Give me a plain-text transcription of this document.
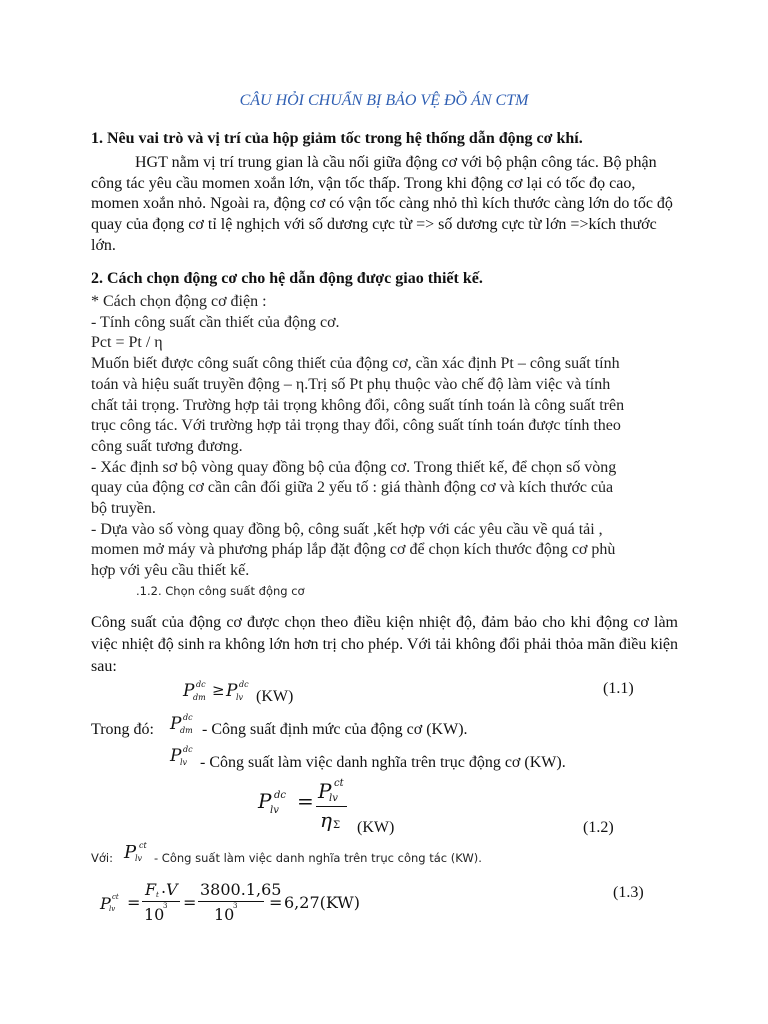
CÂU HỎI CHUẨN BỊ BẢO VỆ ĐỒ ÁN CTM
1. Nêu vai trò và vị trí của hộp giảm tốc trong hệ thống dẫn động cơ khí.

HGT nằm vị trí trung gian là cầu nối giữa động cơ với bộ phận công tác. Bộ phận công tác yêu cầu momen xoắn lớn, vận tốc thấp. Trong khi động cơ lại có tốc đọ cao, momen xoắn nhỏ. Ngoài ra, động cơ có vận tốc càng nhỏ thì kích thước càng lớn do tốc độ quay của đọng cơ tỉ lệ nghịch với số dương cực từ => số dương cực từ lớn =>kích thước lớn.

2. Cách chọn động cơ cho hệ dẫn động được giao thiết kế.
* Cách chọn động cơ điện :
- Tính công suất cần thiết của động cơ.
Pct = Pt / η
Muốn biết được công suất công thiết của động cơ, cần xác định Pt – công suất tính
toán và hiệu suất truyền động – η.Trị số Pt phụ thuộc vào chế độ làm việc và tính
chất tải trọng. Trường hợp tải trọng không đổi, công suất tính toán là công suất trên
trục công tác. Với trường hợp tải trọng thay đổi, công suất tính toán được tính theo
công suất tương đương.
- Xác định sơ bộ vòng quay đồng bộ của động cơ. Trong thiết kế, để chọn số vòng
quay của động cơ cần cân đối giữa 2 yếu tố : giá thành động cơ và kích thước của
bộ truyền.
- Dựa vào số vòng quay đồng bộ, công suất ,kết hợp với các yêu cầu về quá tải ,
momen mở máy và phương pháp lắp đặt động cơ để chọn kích thước động cơ phù
hợp với yêu cầu thiết kế.
.1.2. Chọn công suất động cơ
Công suất của động cơ được chọn theo điều kiện nhiệt độ, đảm bảo cho khi động cơ làm việc nhiệt độ sinh ra không lớn hơn trị cho phép. Với tải không đổi phải thỏa mãn điều kiện sau:
P dc
dm ≥ P dc
lv (KW)	(1.1)
Trong đó: P dc
dm - Công suất định mức của động cơ (KW).
P dc
lv - Công suất làm việc danh nghĩa trên trục động cơ (KW).
P dc
lv = P ct
lv
η Σ (KW)	(1.2)
Với: P ct
lv - Công suất làm việc danh nghĩa trên trục công tác (KW).
P ct
lv =
F t . V
10
3 =
3800.1,65
10
3 = 6,27(KW)
(1.3)
